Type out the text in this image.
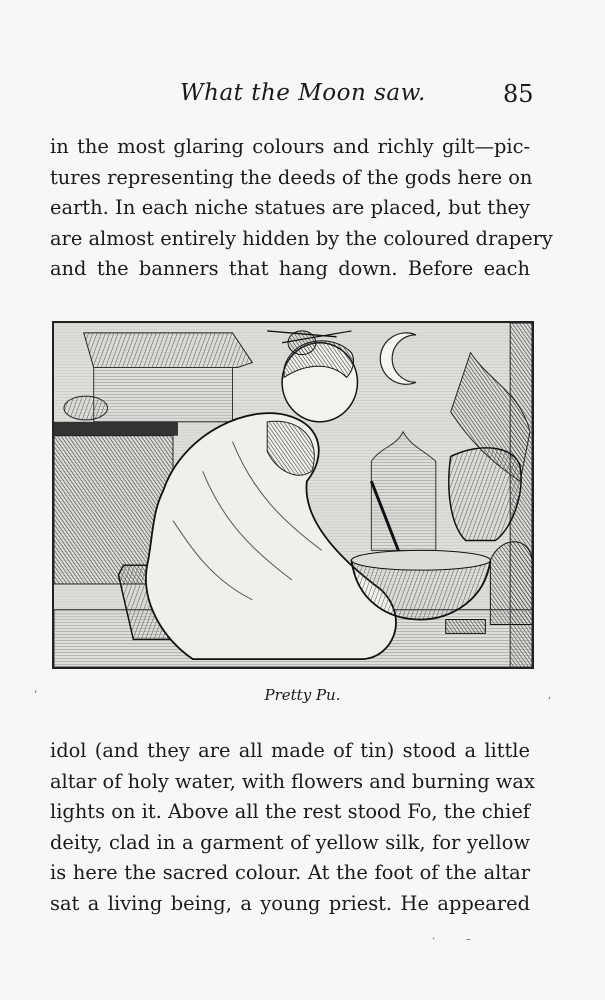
What the Moon saw.	85
in the most glaring colours and richly gilt—pic-
tures representing the deeds of the gods here on
earth. In each niche statues are placed, but they
are almost entirely hidden by the coloured drapery
and the banners that hang down. Before each
Pretty Pu.
idol (and they are all made of tin) stood a little
altar of holy water, with flowers and burning wax
lights on it. Above all the rest stood Fo, the chief
deity, clad in a garment of yellow silk, for yellow
is here the sacred colour. At the foot of the altar
sat a living being, a young priest. He appeared
’	,
·	–
